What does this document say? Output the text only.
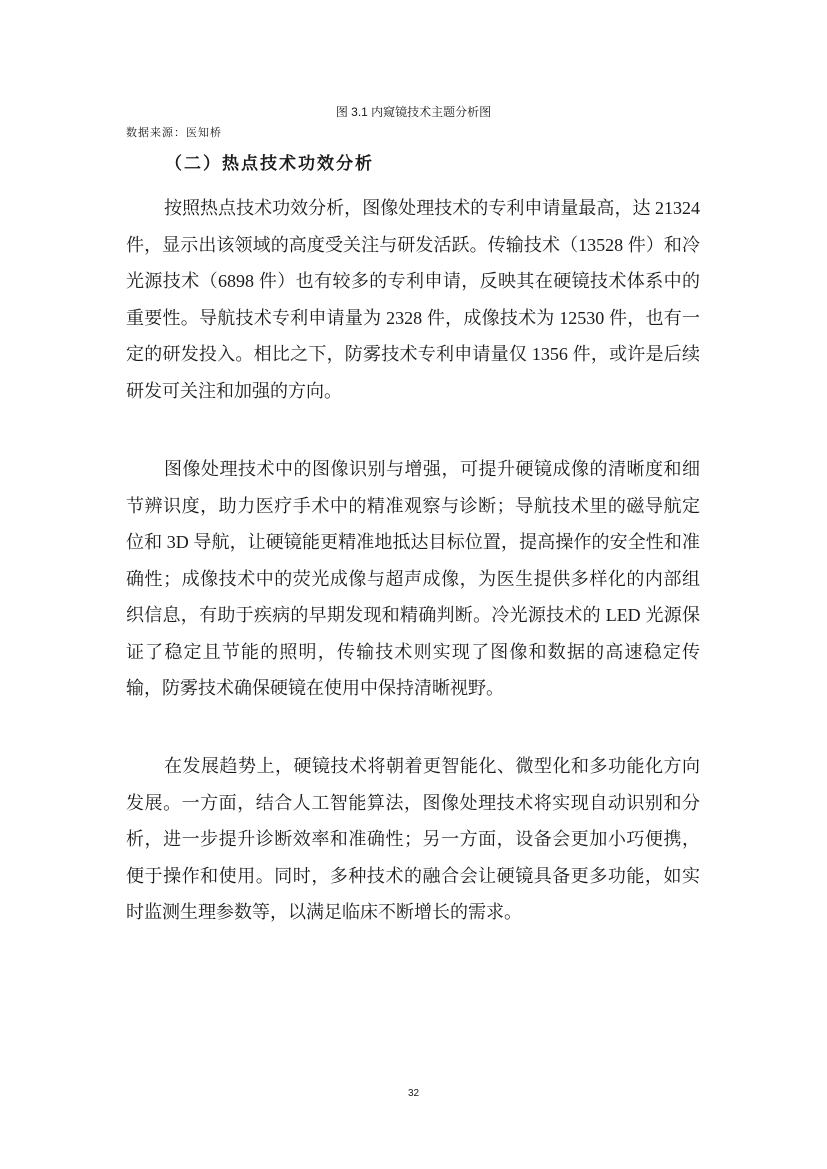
图 3.1 内窥镜技术主题分析图
数据来源：医知桥
（二）热点技术功效分析

按照热点技术功效分析，图像处理技术的专利申请量最高，达 21324 件，显示出该领域的高度受关注与研发活跃。传输技术（13528 件）和冷光源技术（6898 件）也有较多的专利申请，反映其在硬镜技术体系中的重要性。导航技术专利申请量为 2328 件，成像技术为 12530 件，也有一定的研发投入。相比之下，防雾技术专利申请量仅 1356 件，或许是后续研发可关注和加强的方向。

图像处理技术中的图像识别与增强，可提升硬镜成像的清晰度和细节辨识度，助力医疗手术中的精准观察与诊断；导航技术里的磁导航定位和 3D 导航，让硬镜能更精准地抵达目标位置，提高操作的安全性和准确性；成像技术中的荧光成像与超声成像，为医生提供多样化的内部组织信息，有助于疾病的早期发现和精确判断。冷光源技术的 LED 光源保证了稳定且节能的照明，传输技术则实现了图像和数据的高速稳定传输，防雾技术确保硬镜在使用中保持清晰视野。

在发展趋势上，硬镜技术将朝着更智能化、微型化和多功能化方向发展。一方面，结合人工智能算法，图像处理技术将实现自动识别和分析，进一步提升诊断效率和准确性；另一方面，设备会更加小巧便携，便于操作和使用。同时，多种技术的融合会让硬镜具备更多功能，如实时监测生理参数等，以满足临床不断增长的需求。

32
